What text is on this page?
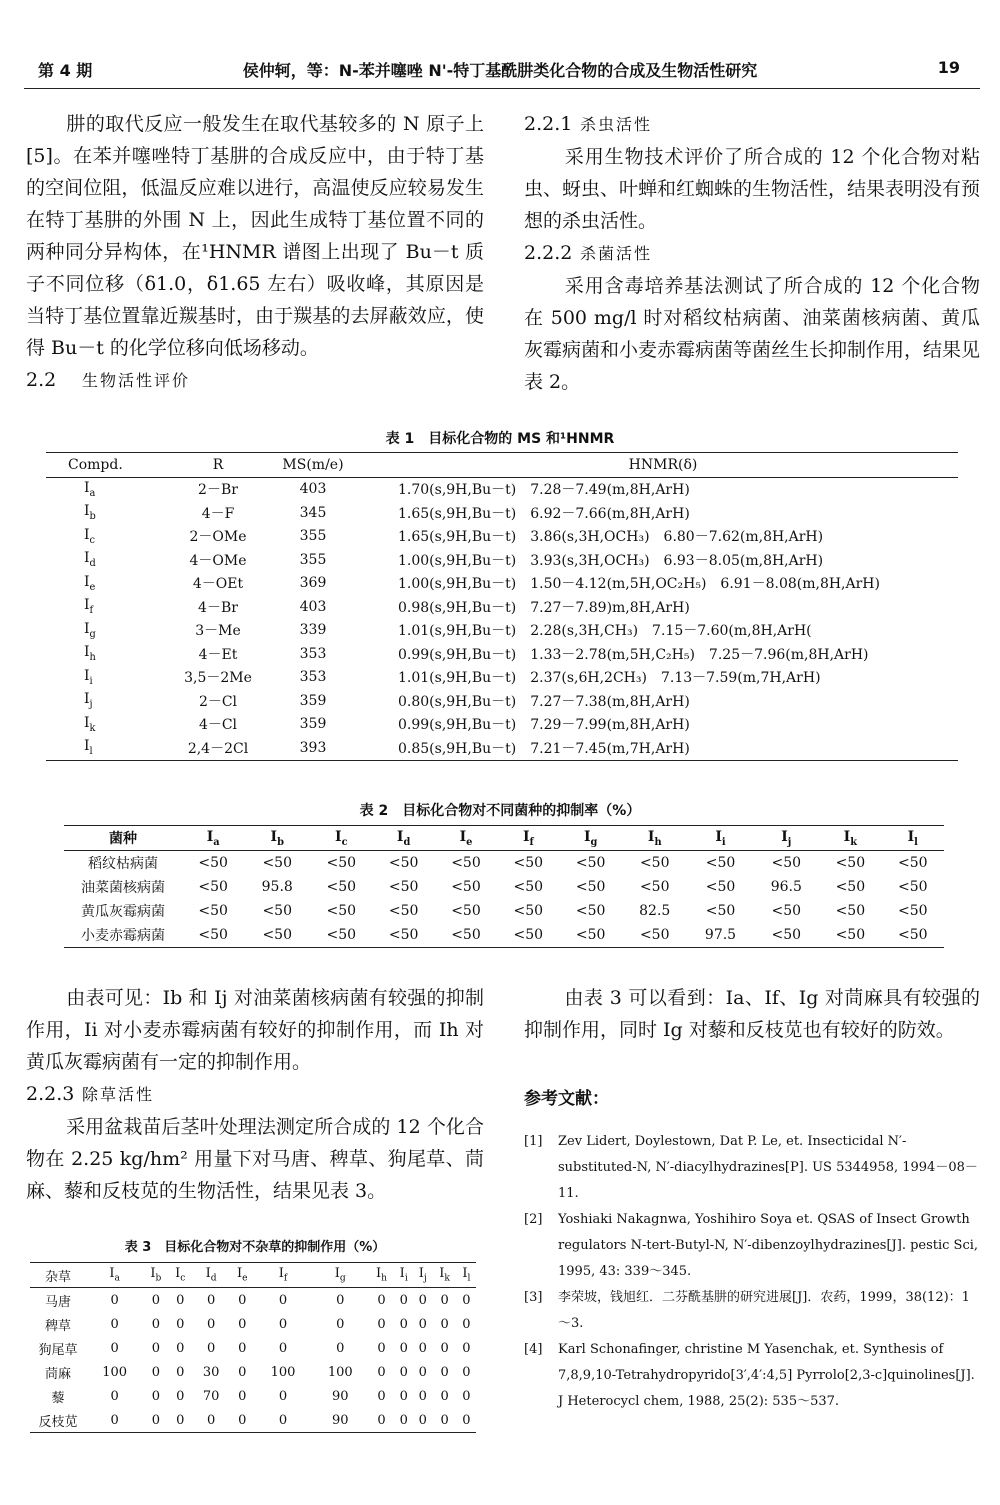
第 4 期	侯仲轲，等：N-苯并噻唑 N'-特丁基酰肼类化合物的合成及生物活性研究	19
肼的取代反应一般发生在取代基较多的 N 原子上[5]。在苯并噻唑特丁基肼的合成反应中，由于特丁基的空间位阻，低温反应难以进行，高温使反应较易发生在特丁基肼的外围 N 上，因此生成特丁基位置不同的两种同分异构体，在¹HNMR 谱图上出现了 Bu－t 质子不同位移（δ1.0，δ1.65 左右）吸收峰，其原因是当特丁基位置靠近羰基时，由于羰基的去屏蔽效应，使得 Bu－t 的化学位移向低场移动。
2.2 生物活性评价
2.2.1 杀虫活性
采用生物技术评价了所合成的 12 个化合物对粘虫、蚜虫、叶蝉和红蜘蛛的生物活性，结果表明没有预想的杀虫活性。
2.2.2 杀菌活性
采用含毒培养基法测试了所合成的 12 个化合物在 500 mg/l 时对稻纹枯病菌、油菜菌核病菌、黄瓜灰霉病菌和小麦赤霉病菌等菌丝生长抑制作用，结果见表 2。
表 1　目标化合物的 MS 和¹HNMR
Compd.	R	MS(m/e)	HNMR(δ)
$I_a$	2－Br	403	1.70(s,9H,Bu－t)　7.28－7.49(m,8H,ArH)
$I_b$	4－F	345	1.65(s,9H,Bu－t)　6.92－7.66(m,8H,ArH)
$I_c$	2－OMe	355	1.65(s,9H,Bu－t)　3.86(s,3H,OCH₃)　6.80－7.62(m,8H,ArH)
$I_d$	4－OMe	355	1.00(s,9H,Bu－t)　3.93(s,3H,OCH₃)　6.93－8.05(m,8H,ArH)
$I_e$	4－OEt	369	1.00(s,9H,Bu－t)　1.50－4.12(m,5H,OC₂H₅)　6.91－8.08(m,8H,ArH)
$I_f$	4－Br	403	0.98(s,9H,Bu－t)　7.27－7.89)m,8H,ArH)
$I_g$	3－Me	339	1.01(s,9H,Bu－t)　2.28(s,3H,CH₃)　7.15－7.60(m,8H,ArH(
$I_h$	4－Et	353	0.99(s,9H,Bu－t)　1.33－2.78(m,5H,C₂H₅)　7.25－7.96(m,8H,ArH)
$I_i$	3,5－2Me	353	1.01(s,9H,Bu－t)　2.37(s,6H,2CH₃)　7.13－7.59(m,7H,ArH)
$I_j$	2－Cl	359	0.80(s,9H,Bu－t)　7.27－7.38(m,8H,ArH)
$I_k$	4－Cl	359	0.99(s,9H,Bu－t)　7.29－7.99(m,8H,ArH)
$I_l$	2,4－2Cl	393	0.85(s,9H,Bu－t)　7.21－7.45(m,7H,ArH)
表 2　目标化合物对不同菌种的抑制率（%）
菌种	$I_a$	$I_b$	$I_c$	$I_d$	$I_e$	$I_f$	$I_g$	$I_h$	$I_i$	$I_j$	$I_k$	$I_l$
稻纹枯病菌	<50	<50	<50	<50	<50	<50	<50	<50	<50	<50	<50	<50
油菜菌核病菌	<50	95.8	<50	<50	<50	<50	<50	<50	<50	96.5	<50	<50
黄瓜灰霉病菌	<50	<50	<50	<50	<50	<50	<50	82.5	<50	<50	<50	<50
小麦赤霉病菌	<50	<50	<50	<50	<50	<50	<50	<50	97.5	<50	<50	<50
由表可见：Ib 和 Ij 对油菜菌核病菌有较强的抑制作用，Ii 对小麦赤霉病菌有较好的抑制作用，而 Ih 对黄瓜灰霉病菌有一定的抑制作用。
2.2.3 除草活性
采用盆栽苗后茎叶处理法测定所合成的 12 个化合物在 2.25 kg/hm² 用量下对马唐、稗草、狗尾草、茼麻、藜和反枝苋的生物活性，结果见表 3。
表 3　目标化合物对不杂草的抑制作用（%）
杂草	$I_a$	$I_b$	$I_c$	$I_d$	$I_e$	$I_f$	$I_g$	$I_h$	$I_i$	$I_j$	$I_k$	$I_l$
马唐	0	0	0	0	0	0	0	0	0	0	0	0
稗草	0	0	0	0	0	0	0	0	0	0	0	0
狗尾草	0	0	0	0	0	0	0	0	0	0	0	0
茼麻	100	0	0	30	0	100	100	0	0	0	0	0
藜	0	0	0	70	0	0	90	0	0	0	0	0
反枝苋	0	0	0	0	0	0	90	0	0	0	0	0
由表 3 可以看到：Ia、If、Ig 对茼麻具有较强的抑制作用，同时 Ig 对藜和反枝苋也有较好的防效。
参考文献：
[1]	Zev Lidert, Doylestown, Dat P. Le, et. Insecticidal N′-substituted-N, N′-diacylhydrazines[P]. US 5344958, 1994－08－11.
[2]	Yoshiaki Nakagnwa, Yoshihiro Soya et. QSAS of Insect Growth regulators N-tert-Butyl-N, N′-dibenzoylhydrazines[J]. pestic Sci, 1995, 43: 339～345.
[3]	李荣坡，钱旭红．二芬酰基肼的研究进展[J]．农药，1999，38(12)：1～3.
[4]	Karl Schonafinger, christine M Yasenchak, et. Synthesis of 7,8,9,10-Tetrahydropyrido[3′,4′:4,5] Pyrrolo[2,3-c]quinolines[J]. J Heterocycl chem, 1988, 25(2): 535～537.
